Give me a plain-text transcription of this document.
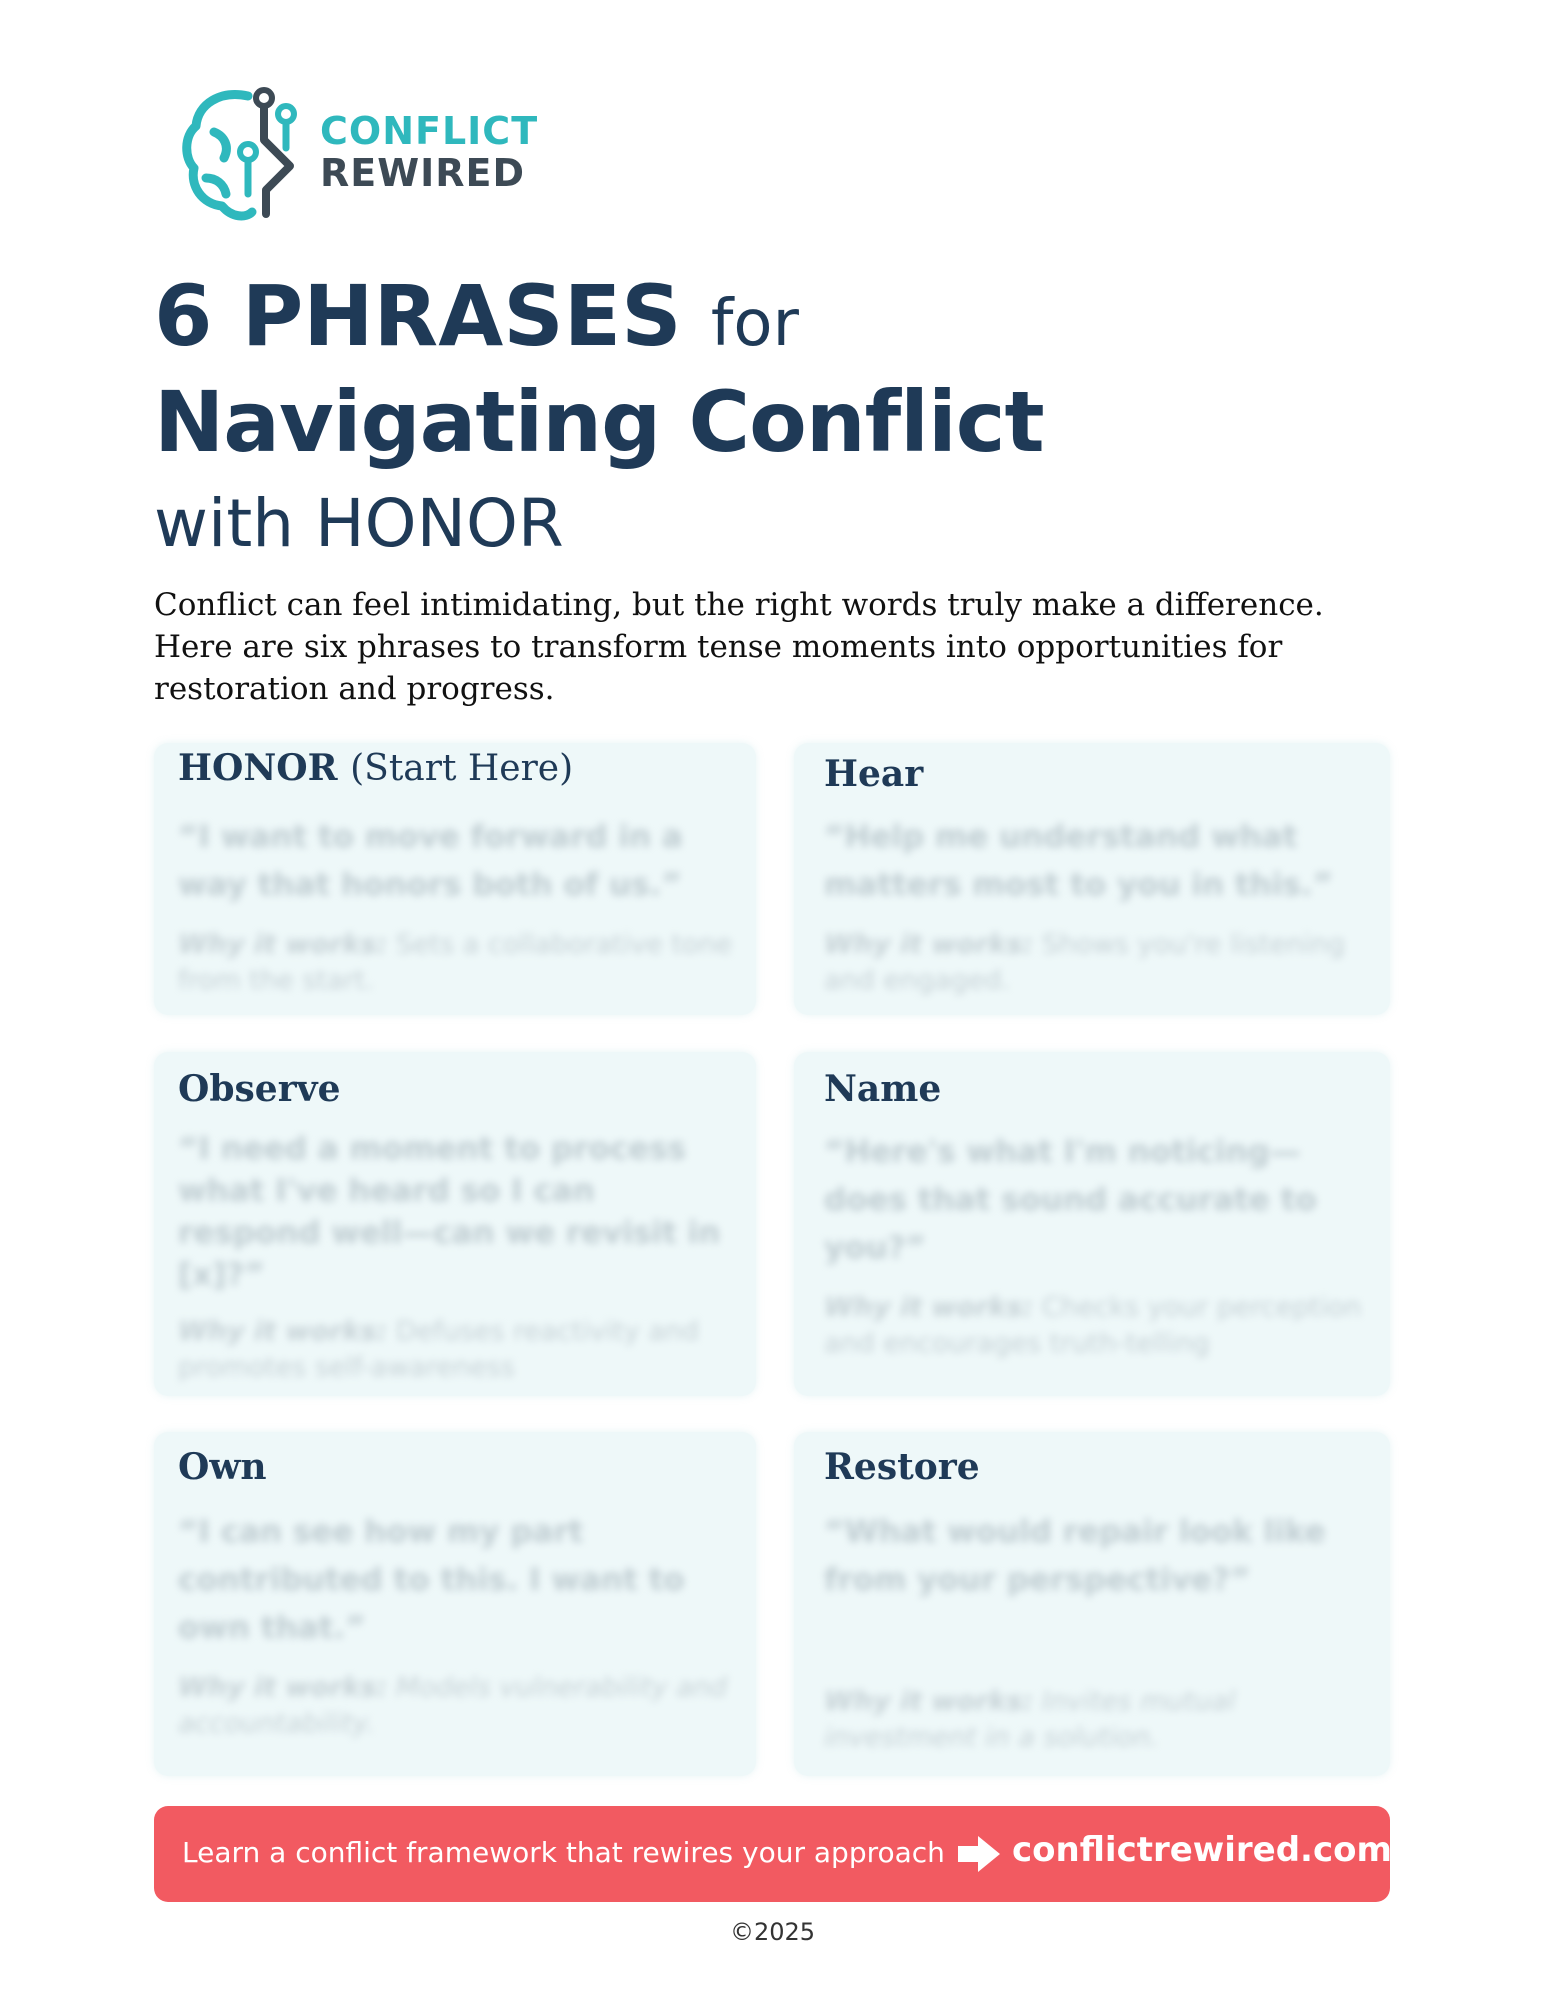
CONFLICT
REWIRED
6 PHRASES for
Navigating Conflict
with HONOR
Conflict can feel intimidating, but the right words truly make a difference. Here are six phrases to transform tense moments into opportunities for restoration and progress.
HONOR (Start Here)
“I want to move forward in a way that honors both of us.”
Why it works: Sets a collaborative tone from the start.
Hear
“Help me understand what matters most to you in this.”
Why it works: Shows you're listening and engaged.
Observe
“I need a moment to process what I've heard so I can respond well—can we revisit in [x]?”
Why it works: Defuses reactivity and promotes self-awareness
Name
“Here's what I'm noticing—does that sound accurate to you?”
Why it works: Checks your perception and encourages truth-telling
Own
“I can see how my part contributed to this. I want to own that.”
Why it works: Models vulnerability and accountability.
Restore
“What would repair look like from your perspective?”
Why it works: Invites mutual investment in a solution.
Learn a conflict framework that rewires your approach conflictrewired.com
©2025
